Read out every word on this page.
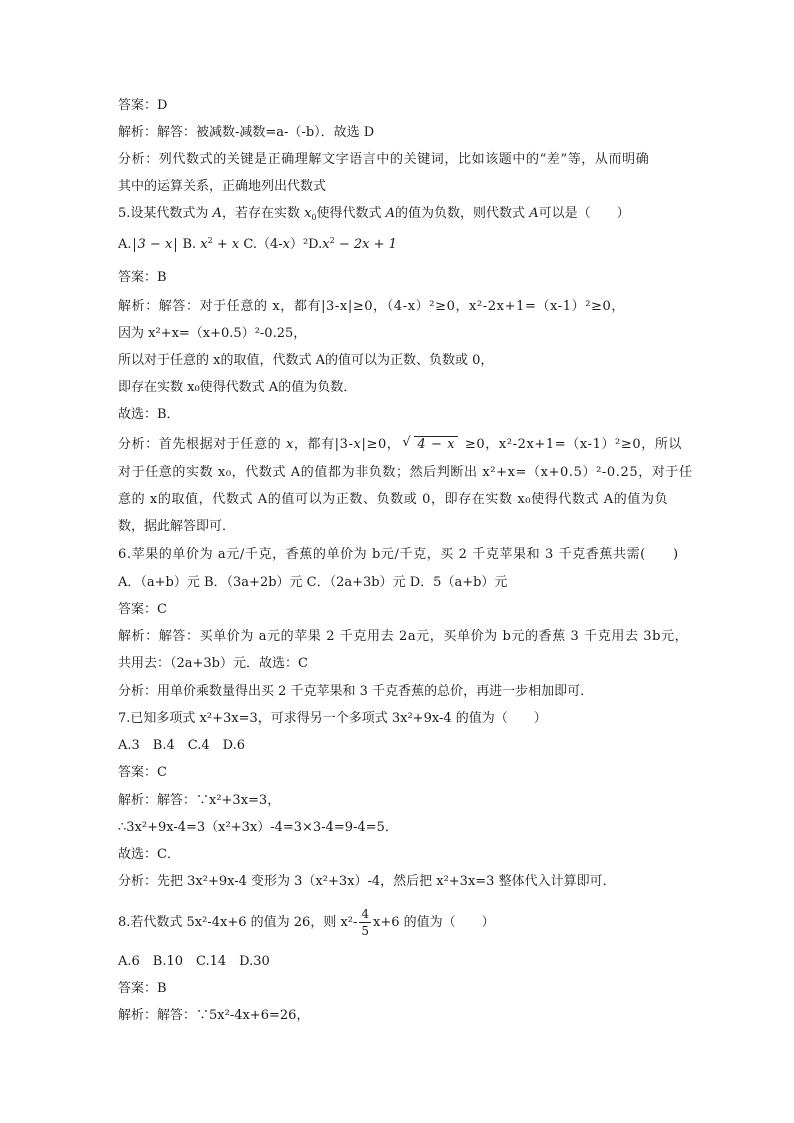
答案：D
解析：解答：被减数-减数=a-（-b）．故选 D
分析：列代数式的关键是正确理解文字语言中的关键词，比如该题中的“差”等，从而明确
其中的运算关系，正确地列出代数式
5.设某代数式为 A，若存在实数 $x_0$使得代数式 A的值为负数，则代数式 A可以是（　　）
A. 3 − x B. $x^2 + x$ $C.(4-x)^2D.x^2 - 2x + 1$
答案：B
解析：解答：对于任意的 x，都有|3-x|≥0，（4-x）²≥0，x²-2x+1=（x-1）²≥0，
因为 x²+x=（x+0.5）²-0.25，
所以对于任意的 x的取值，代数式 A的值可以为正数、负数或 0，
即存在实数 x₀使得代数式 A的值为负数．
故选：B．
分析：首先根据对于任意的 x，都有|3-x|≥0， √ 4 − x ≥0，x²-2x+1=（x-1）²≥0，所以
对于任意的实数 x₀，代数式 A的值都为非负数；然后判断出 x²+x=（x+0.5）²-0.25，对于任
意的 x的取值，代数式 A的值可以为正数、负数或 0，即存在实数 x₀使得代数式 A的值为负
数，据此解答即可．
6.苹果的单价为 a元/千克，香蕉的单价为 b元/千克，买 2 千克苹果和 3 千克香蕉共需(　　)
A．（a+b）元 B．（3a+2b）元 C．（2a+3b）元 D．5（a+b）元
答案：C
解析：解答：买单价为 a元的苹果 2 千克用去 2a元，买单价为 b元的香蕉 3 千克用去 3b元，
共用去：（2a+3b）元．故选：C
分析：用单价乘数量得出买 2 千克苹果和 3 千克香蕉的总价，再进一步相加即可．
7.已知多项式 x²+3x=3，可求得另一个多项式 3x²+9x-4 的值为（　　）
A.3　B.4　C.4　D.6
答案：C
解析：解答：∵x²+3x=3，
∴3x²+9x-4=3（x²+3x）-4=3×3-4=9-4=5．
故选：C．
分析：先把 3x²+9x-4 变形为 3（x²+3x）-4，然后把 x²+3x=3 整体代入计算即可．
8.若代数式 5x²-4x+6 的值为 26，则 $x^2- \frac{4}{5} x+6$ 的值为（　　）
A.6　B.10　C.14　D.30
答案：B
解析：解答：∵5x²-4x+6=26，
